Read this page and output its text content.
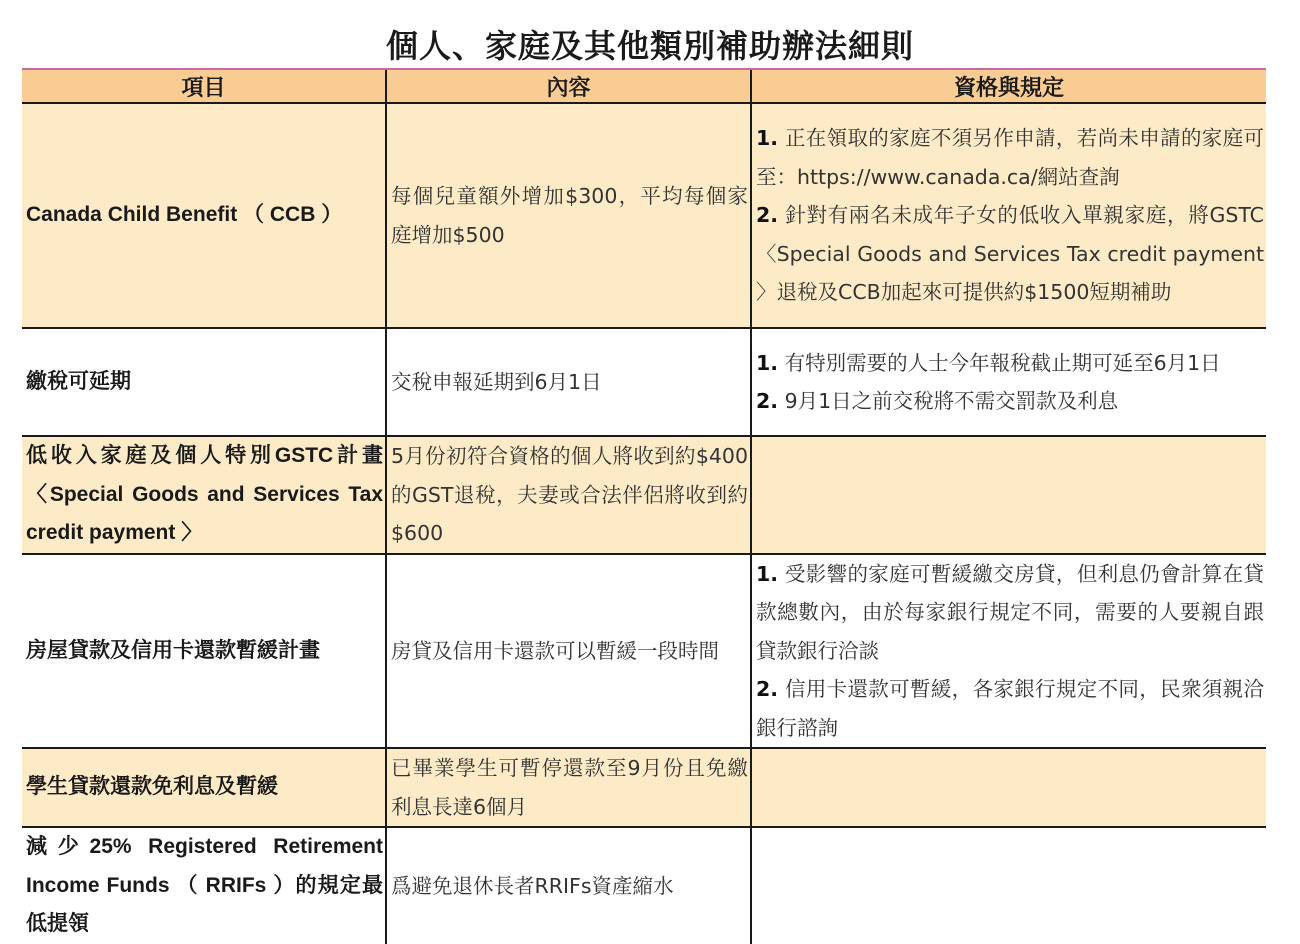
個人、家庭及其他類別補助辦法細則
項目	內容	資格與規定
Canada Child Benefit （ CCB ）	每個兒童額外增加$300，平均每個家庭增加$500	1. 正在領取的家庭不須另作申請，若尚未申請的家庭可至：https://www.canada.ca/網站查詢
2. 針對有兩名未成年子女的低收入單親家庭，將GSTC〈Special Goods and Services Tax credit payment 〉退稅及CCB加起來可提供約$1500短期補助

繳稅可延期	交稅申報延期到6月1日	1. 有特別需要的人士今年報稅截止期可延至6月1日
2. 9月1日之前交稅將不需交罰款及利息

低收入家庭及個人特別GSTC計畫〈Special Goods and Services Tax credit payment 〉	5月份初符合資格的個人將收到約$400的GST退稅，夫妻或合法伴侶將收到約$600	

房屋貸款及信用卡還款暫緩計畫	房貸及信用卡還款可以暫緩一段時間	1. 受影響的家庭可暫緩繳交房貸，但利息仍會計算在貸款總數內，由於每家銀行規定不同，需要的人要親自跟貸款銀行洽談
2. 信用卡還款可暫緩，各家銀行規定不同，民衆須親洽銀行諮詢

學生貸款還款免利息及暫緩	已畢業學生可暫停還款至9月份且免繳利息長達6個月	

減少25% Registered Retirement Income Funds （ RRIFs ）的規定最低提領	爲避免退休長者RRIFs資產縮水	
